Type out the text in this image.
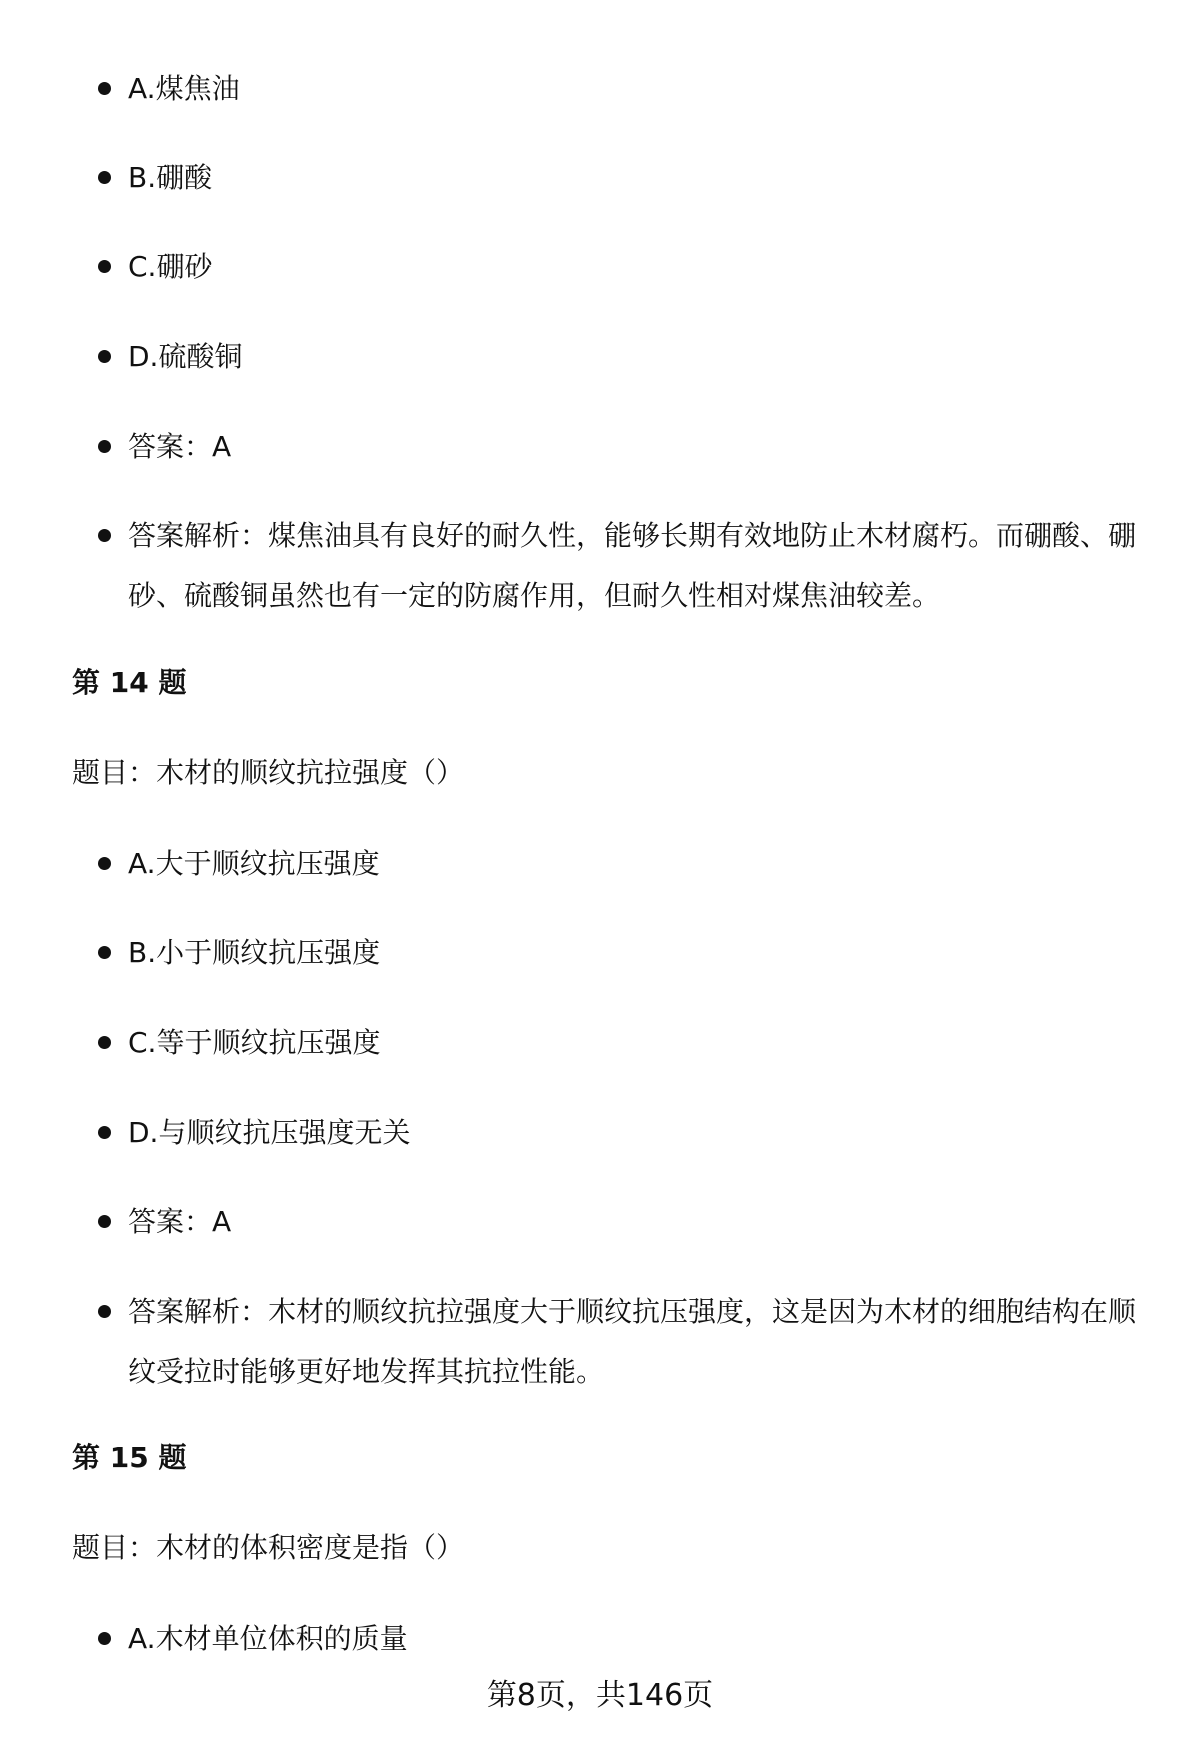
A.煤焦油
B.硼酸
C.硼砂
D.硫酸铜
答案：A
答案解析：煤焦油具有良好的耐久性，能够长期有效地防止木材腐朽。而硼酸、硼砂、硫酸铜虽然也有一定的防腐作用，但耐久性相对煤焦油较差。
第 14 题
题目：木材的顺纹抗拉强度（）
A.大于顺纹抗压强度
B.小于顺纹抗压强度
C.等于顺纹抗压强度
D.与顺纹抗压强度无关
答案：A
答案解析：木材的顺纹抗拉强度大于顺纹抗压强度，这是因为木材的细胞结构在顺纹受拉时能够更好地发挥其抗拉性能。
第 15 题
题目：木材的体积密度是指（）
A.木材单位体积的质量
第8页，共146页
